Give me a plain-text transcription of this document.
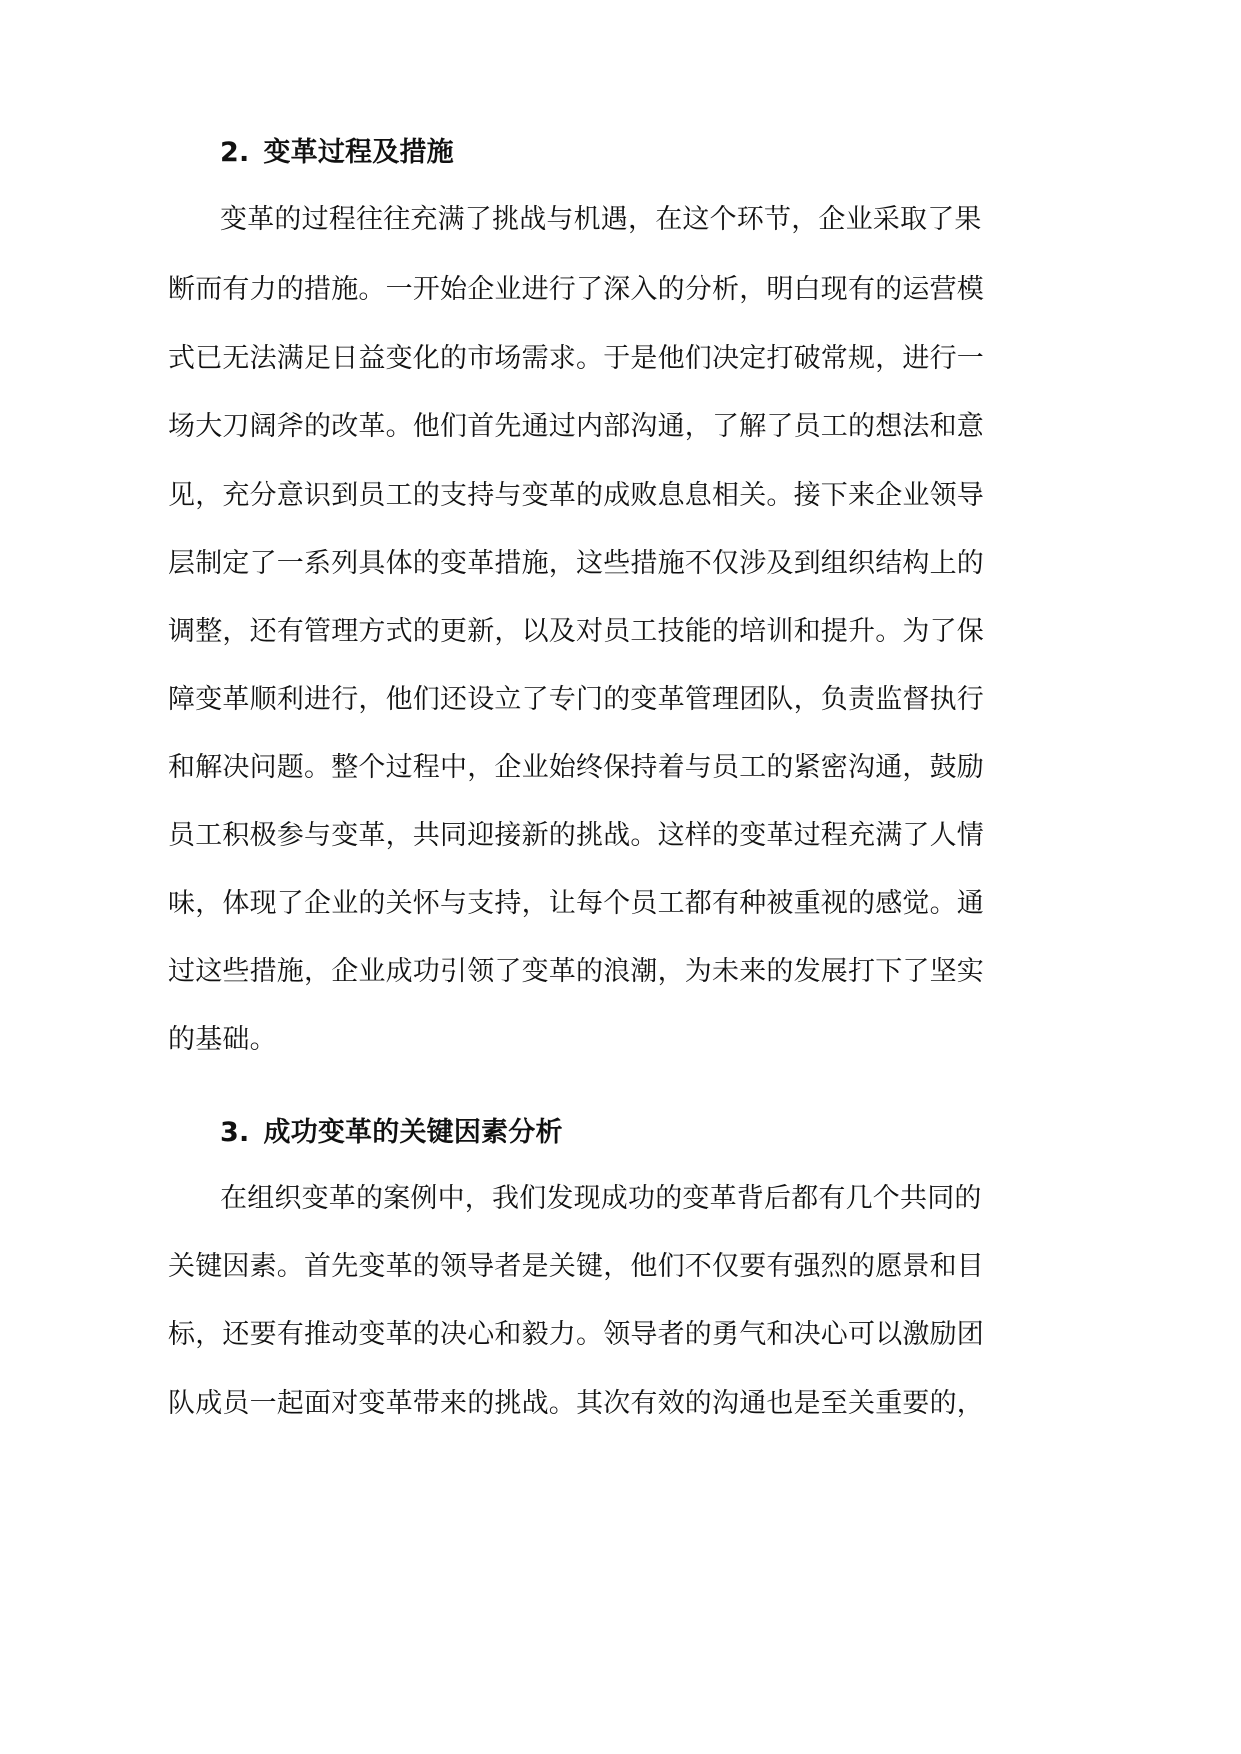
2. 变革过程及措施

变革的过程往往充满了挑战与机遇，在这个环节，企业采取了果

断而有力的措施。一开始企业进行了深入的分析，明白现有的运营模

式已无法满足日益变化的市场需求。于是他们决定打破常规，进行一

场大刀阔斧的改革。他们首先通过内部沟通，了解了员工的想法和意

见，充分意识到员工的支持与变革的成败息息相关。接下来企业领导

层制定了一系列具体的变革措施，这些措施不仅涉及到组织结构上的

调整，还有管理方式的更新，以及对员工技能的培训和提升。为了保

障变革顺利进行，他们还设立了专门的变革管理团队，负责监督执行

和解决问题。整个过程中，企业始终保持着与员工的紧密沟通，鼓励

员工积极参与变革，共同迎接新的挑战。这样的变革过程充满了人情

味，体现了企业的关怀与支持，让每个员工都有种被重视的感觉。通

过这些措施，企业成功引领了变革的浪潮，为未来的发展打下了坚实

的基础。

3. 成功变革的关键因素分析

在组织变革的案例中，我们发现成功的变革背后都有几个共同的

关键因素。首先变革的领导者是关键，他们不仅要有强烈的愿景和目

标，还要有推动变革的决心和毅力。领导者的勇气和决心可以激励团

队成员一起面对变革带来的挑战。其次有效的沟通也是至关重要的，
